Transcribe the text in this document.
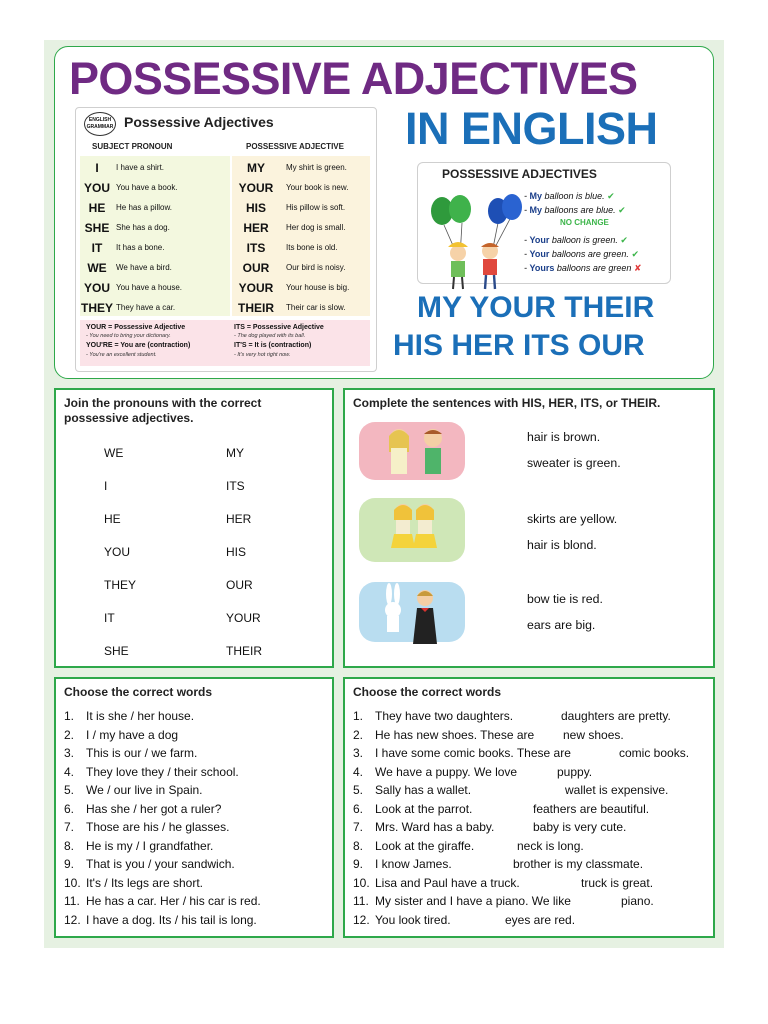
POSSESSIVE ADJECTIVES
IN ENGLISH
ENGLISH GRAMMAR Possessive Adjectives
SUBJECT PRONOUN	POSSESSIVE ADJECTIVE
I	I have a shirt.	MY	My shirt is green.
YOU You have a book.	YOUR	Your book is new.
HE	He has a pillow.	HIS	His pillow is soft.
SHE She has a dog.	HER	Her dog is small.
IT	It has a bone.	ITS	Its bone is old.
WE	We have a bird.	OUR	Our bird is noisy.
YOU You have a house.	YOUR	Your house is big.
THEY They have a car.	THEIR	Their car is slow.
YOUR = Possessive Adjective
- You need to bring your dictionary.
YOU'RE = You are (contraction)
- You're an excellent student.
ITS = Possessive Adjective
- The dog played with its ball.
IT'S = It is (contraction)
- It's very hot right now.
POSSESSIVE ADJECTIVES
- My balloon is blue. ✔
- My balloons are blue. ✔
- Your balloon is green. ✔
- Your balloons are green. ✔
- Yours balloons are green ✘
NO CHANGE
MY YOUR THEIR
HIS HER ITS OUR
Join the pronouns with the correct possessive adjectives.
WE	MY
I	ITS
HE	HER
YOU	HIS
THEY	OUR
IT	YOUR
SHE	THEIR
Complete the sentences with HIS, HER, ITS, or THEIR.
hair is brown.
sweater is green.
skirts are yellow.
hair is blond.
bow tie is red.
ears are big.
Choose the correct words
1. It is she / her house.
2. I / my have a dog
3. This is our / we farm.
4. They love they / their school.
5. We / our live in Spain.
6. Has she / her got a ruler?
7. Those are his / he glasses.
8. He is my / I grandfather.
9. That is you / your sandwich.
10. It's / Its legs are short.
11. He has a car. Her / his car is red.
12. I have a dog. Its / his tail is long.
Choose the correct words
1. They have two daughters.	daughters are pretty.
2. He has new shoes. These are new shoes.
3. I have some comic books. These are	comic books.
4. We have a puppy. We love	puppy.
5. Sally has a wallet.	wallet is expensive.
6. Look at the parrot.	feathers are beautiful.
7. Mrs. Ward has a baby.	baby is very cute.
8. Look at the giraffe.	neck is long.
9. I know James.	brother is my classmate.
10. Lisa and Paul have a truck.	truck is great.
11. My sister and I have a piano. We like	piano.
12. You look tired.	eyes are red.
